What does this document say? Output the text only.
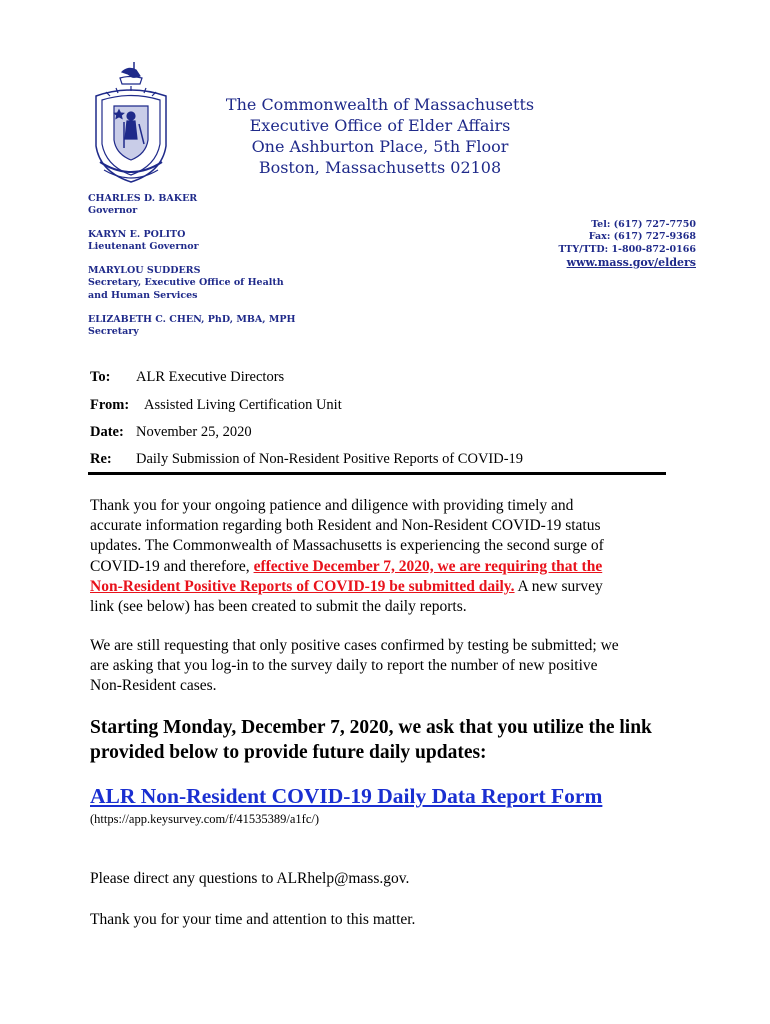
The Commonwealth of Massachusetts
Executive Office of Elder Affairs
One Ashburton Place, 5th Floor
Boston, Massachusetts 02108
CHARLES D. BAKER
Governor
KARYN E. POLITO
Lieutenant Governor
MARYLOU SUDDERS
Secretary, Executive Office of Health
and Human Services
ELIZABETH C. CHEN, PhD, MBA, MPH
Secretary
Tel: (617) 727-7750
Fax: (617) 727-9368
TTY/TTD: 1-800-872-0166
www.mass.gov/elders
To: ALR Executive Directors
From: Assisted Living Certification Unit
Date: November 25, 2020
Re: Daily Submission of Non-Resident Positive Reports of COVID-19
Thank you for your ongoing patience and diligence with providing timely and
accurate information regarding both Resident and Non-Resident COVID-19 status
updates. The Commonwealth of Massachusetts is experiencing the second surge of
COVID-19 and therefore, effective December 7, 2020, we are requiring that the
Non-Resident Positive Reports of COVID-19 be submitted daily. A new survey
link (see below) has been created to submit the daily reports.
We are still requesting that only positive cases confirmed by testing be submitted; we
are asking that you log-in to the survey daily to report the number of new positive
Non-Resident cases.
Starting Monday, December 7, 2020, we ask that you utilize the link
provided below to provide future daily updates:
ALR Non-Resident COVID-19 Daily Data Report Form
(https://app.keysurvey.com/f/41535389/a1fc/)
Please direct any questions to ALRhelp@mass.gov.
Thank you for your time and attention to this matter.
